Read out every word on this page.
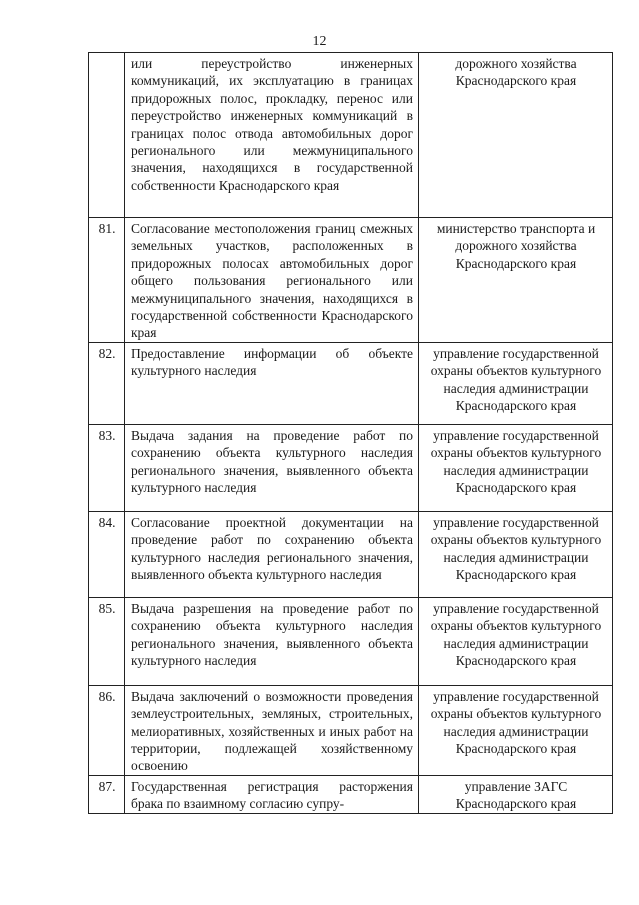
12
	или переустройство инженерных коммуникаций, их эксплуатацию в границах придорожных полос, прокладку, перенос или переустройство инженерных коммуникаций в границах полос отвода автомобильных дорог регионального или межмуниципального значения, находящихся в государственной собственности Краснодарского края	дорожного хозяйства Краснодарского края
81.	Согласование местоположения границ смежных земельных участков, расположенных в придорожных полосах автомобильных дорог общего пользования регионального или межмуниципального значения, находящихся в государственной собственности Краснодарского края	министерство транспорта и дорожного хозяйства Краснодарского края
82.	Предоставление информации об объекте культурного наследия	управление государственной охраны объектов культурного наследия администрации Краснодарского края
83.	Выдача задания на проведение работ по сохранению объекта культурного наследия регионального значения, выявленного объекта культурного наследия	управление государственной охраны объектов культурного наследия администрации Краснодарского края
84.	Согласование проектной документации на проведение работ по сохранению объекта культурного наследия регионального значения, выявленного объекта культурного наследия	управление государственной охраны объектов культурного наследия администрации Краснодарского края
85.	Выдача разрешения на проведение работ по сохранению объекта культурного наследия регионального значения, выявленного объекта культурного наследия	управление государственной охраны объектов культурного наследия администрации Краснодарского края
86.	Выдача заключений о возможности проведения землеустроительных, земляных, строительных, мелиоративных, хозяйственных и иных работ на территории, подлежащей хозяйственному освоению	управление государственной охраны объектов культурного наследия администрации Краснодарского края
87.	Государственная регистрация расторжения брака по взаимному согласию супру-	управление ЗАГС Краснодарского края
